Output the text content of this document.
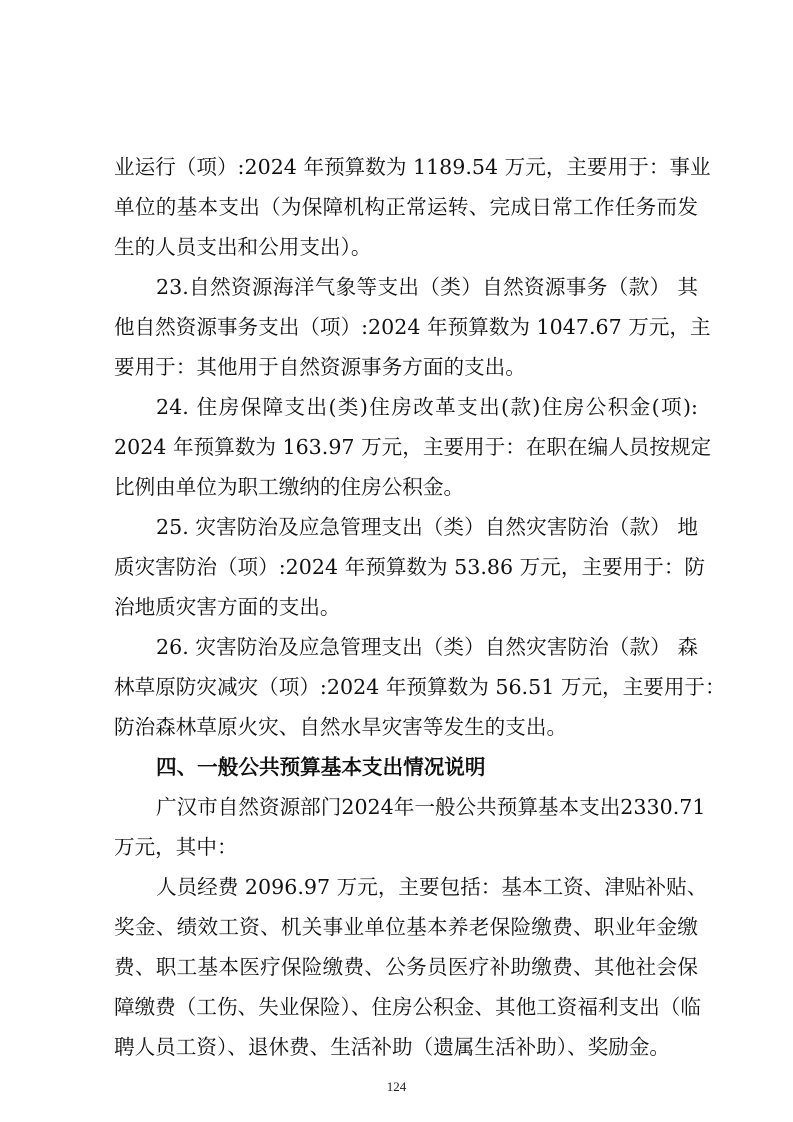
业运行（项）:2024 年预算数为 1189.54 万元，主要用于：事业
单位的基本支出（为保障机构正常运转、完成日常工作任务而发
生的人员支出和公用支出）。
23.自然资源海洋气象等支出（类）自然资源事务（款） 其
他自然资源事务支出（项）:2024 年预算数为 1047.67 万元，主
要用于：其他用于自然资源事务方面的支出。
24. 住房保障支出(类)住房改革支出(款)住房公积金(项):
2024 年预算数为 163.97 万元，主要用于：在职在编人员按规定
比例由单位为职工缴纳的住房公积金。
25. 灾害防治及应急管理支出（类）自然灾害防治（款） 地
质灾害防治（项）:2024 年预算数为 53.86 万元，主要用于：防
治地质灾害方面的支出。
26. 灾害防治及应急管理支出（类）自然灾害防治（款） 森
林草原防灾减灾（项）:2024 年预算数为 56.51 万元，主要用于：
防治森林草原火灾、自然水旱灾害等发生的支出。
四、一般公共预算基本支出情况说明
广汉市自然资源部门2024年一般公共预算基本支出2330.71
万元，其中：
人员经费 2096.97 万元，主要包括：基本工资、津贴补贴、
奖金、绩效工资、机关事业单位基本养老保险缴费、职业年金缴
费、职工基本医疗保险缴费、公务员医疗补助缴费、其他社会保
障缴费（工伤、失业保险）、住房公积金、其他工资福利支出（临
聘人员工资）、退休费、生活补助（遗属生活补助）、奖励金。
124
